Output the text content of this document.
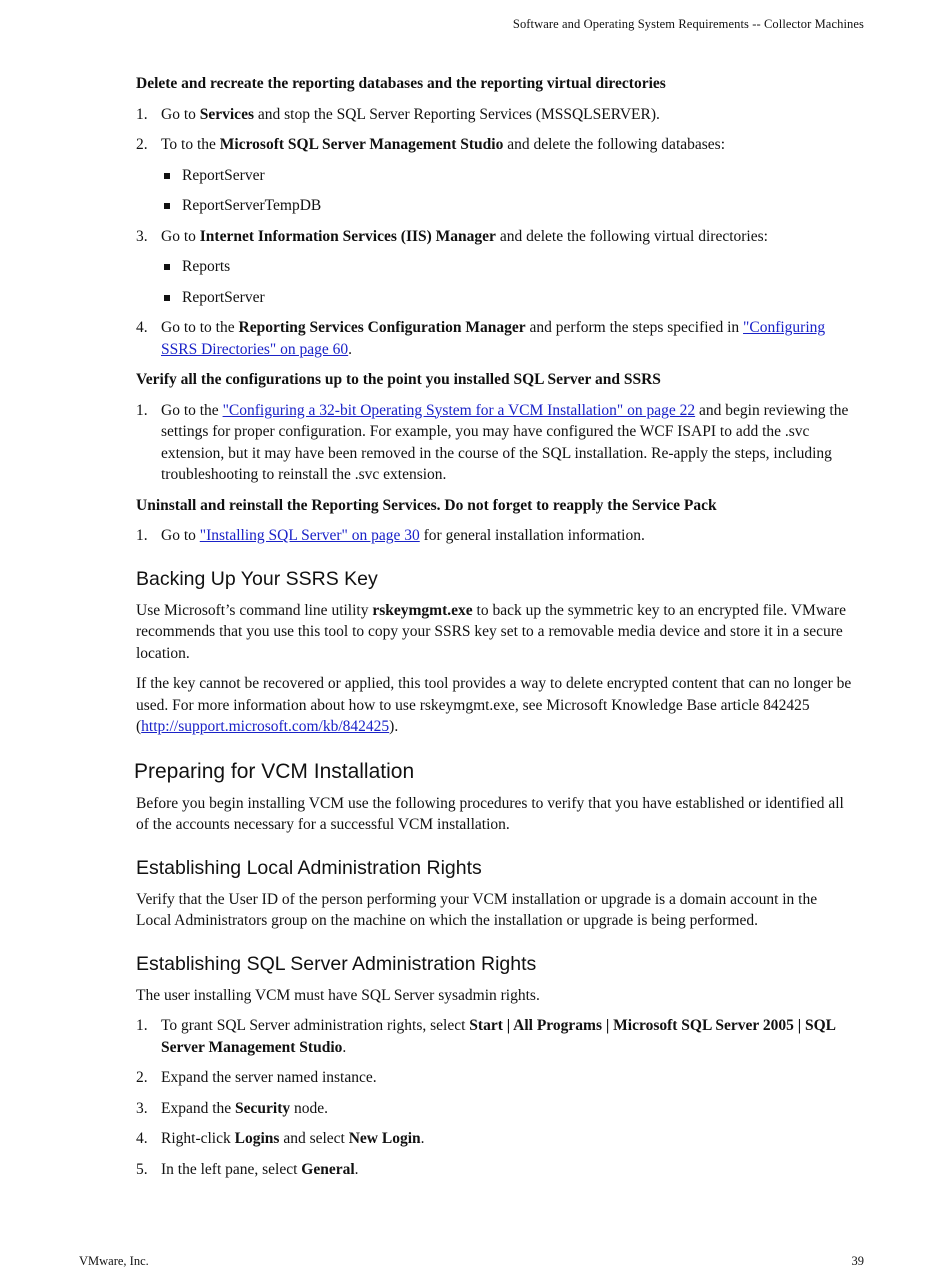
Software and Operating System Requirements -- Collector Machines

Delete and recreate the reporting databases and the reporting virtual directories

1. Go to Services and stop the SQL Server Reporting Services (MSSQLSERVER).
2. To to the Microsoft SQL Server Management Studio and delete the following databases:
ReportServer
ReportServerTempDB
3. Go to Internet Information Services (IIS) Manager and delete the following virtual directories:
Reports
ReportServer
4. Go to to the Reporting Services Configuration Manager and perform the steps specified in "Configuring SSRS Directories" on page 60.

Verify all the configurations up to the point you installed SQL Server and SSRS

1. Go to the "Configuring a 32-bit Operating System for a VCM Installation" on page 22 and begin reviewing the settings for proper configuration. For example, you may have configured the WCF ISAPI to add the .svc extension, but it may have been removed in the course of the SQL installation. Re-apply the steps, including troubleshooting to reinstall the .svc extension.

Uninstall and reinstall the Reporting Services. Do not forget to reapply the Service Pack

1. Go to "Installing SQL Server" on page 30 for general installation information.
Backing Up Your SSRS Key

Use Microsoft’s command line utility rskeymgmt.exe to back up the symmetric key to an encrypted file. VMware recommends that you use this tool to copy your SSRS key set to a removable media device and store it in a secure location.

If the key cannot be recovered or applied, this tool provides a way to delete encrypted content that can no longer be used. For more information about how to use rskeymgmt.exe, see Microsoft Knowledge Base article 842425 (http://support.microsoft.com/kb/842425).

Preparing for VCM Installation

Before you begin installing VCM use the following procedures to verify that you have established or identified all of the accounts necessary for a successful VCM installation.

Establishing Local Administration Rights

Verify that the User ID of the person performing your VCM installation or upgrade is a domain account in the Local Administrators group on the machine on which the installation or upgrade is being performed.

Establishing SQL Server Administration Rights

The user installing VCM must have SQL Server sysadmin rights.

1. To grant SQL Server administration rights, select Start | All Programs | Microsoft SQL Server 2005 | SQL Server Management Studio.
2. Expand the server named instance.
3. Expand the Security node.
4. Right-click Logins and select New Login.
5. In the left pane, select General.
VMware, Inc.	39
